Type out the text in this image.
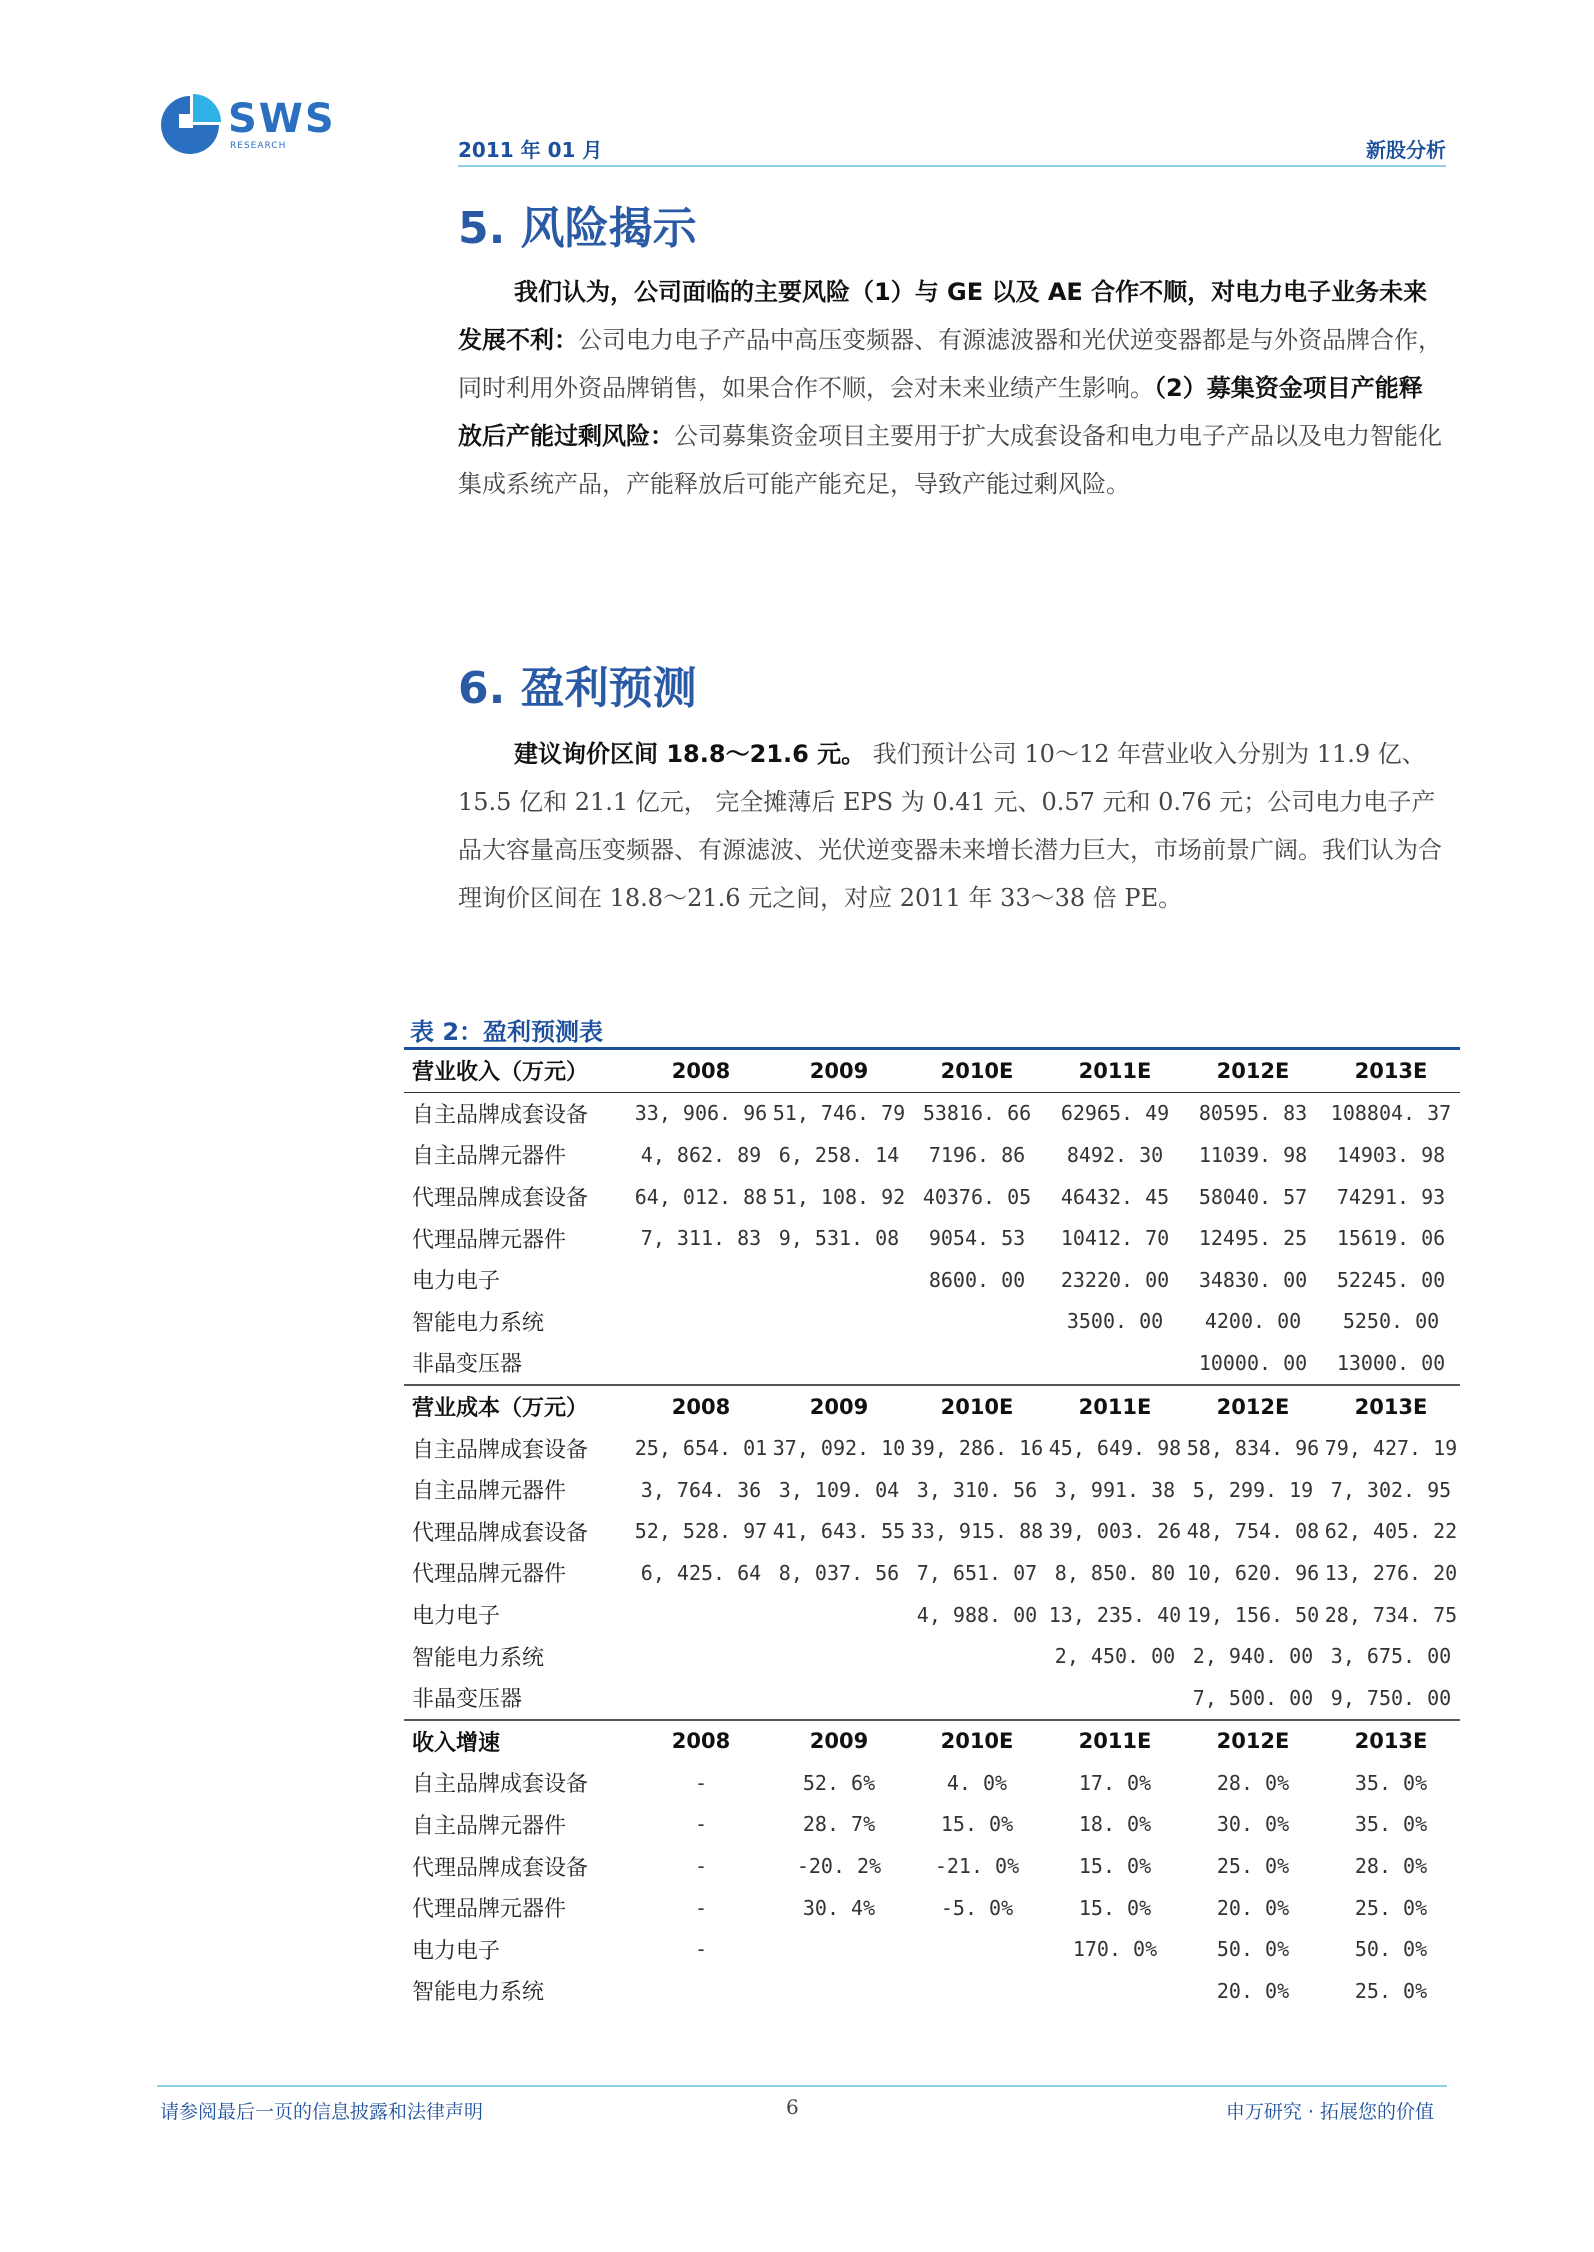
SWS
RESEARCH	2011 年 01 月	新股分析
5. 风险揭示

我们认为，公司面临的主要风险（1）与 GE 以及 AE 合作不顺，对电力电子业务未来发展不利：公司电力电子产品中高压变频器、有源滤波器和光伏逆变器都是与外资品牌合作，同时利用外资品牌销售，如果合作不顺，会对未来业绩产生影响。（2）募集资金项目产能释放后产能过剩风险：公司募集资金项目主要用于扩大成套设备和电力电子产品以及电力智能化集成系统产品，产能释放后可能产能充足，导致产能过剩风险。

6. 盈利预测

建议询价区间 18.8～21.6 元。 我们预计公司 10～12 年营业收入分别为 11.9 亿、15.5 亿和 21.1 亿元， 完全摊薄后 EPS 为 0.41 元、0.57 元和 0.76 元；公司电力电子产品大容量高压变频器、有源滤波、光伏逆变器未来增长潜力巨大，市场前景广阔。我们认为合理询价区间在 18.8～21.6 元之间，对应 2011 年 33～38 倍 PE。

表 2：盈利预测表
营业收入（万元）	2008	2009	2010E	2011E	2012E	2013E
自主品牌成套设备	33, 906. 96	51, 746. 79	53816. 66	62965. 49	80595. 83	108804. 37
自主品牌元器件	4, 862. 89	6, 258. 14	7196. 86	8492. 30	11039. 98	14903. 98
代理品牌成套设备	64, 012. 88	51, 108. 92	40376. 05	46432. 45	58040. 57	74291. 93
代理品牌元器件	7, 311. 83	9, 531. 08	9054. 53	10412. 70	12495. 25	15619. 06
电力电子			8600. 00	23220. 00	34830. 00	52245. 00
智能电力系统				3500. 00	4200. 00	5250. 00
非晶变压器					10000. 00	13000. 00
营业成本（万元）	2008	2009	2010E	2011E	2012E	2013E
自主品牌成套设备	25, 654. 01	37, 092. 10	39, 286. 16	45, 649. 98	58, 834. 96	79, 427. 19
自主品牌元器件	3, 764. 36	3, 109. 04	3, 310. 56	3, 991. 38	5, 299. 19	7, 302. 95
代理品牌成套设备	52, 528. 97	41, 643. 55	33, 915. 88	39, 003. 26	48, 754. 08	62, 405. 22
代理品牌元器件	6, 425. 64	8, 037. 56	7, 651. 07	8, 850. 80	10, 620. 96	13, 276. 20
电力电子			4, 988. 00	13, 235. 40	19, 156. 50	28, 734. 75
智能电力系统				2, 450. 00	2, 940. 00	3, 675. 00
非晶变压器					7, 500. 00	9, 750. 00
收入增速	2008	2009	2010E	2011E	2012E	2013E
自主品牌成套设备	-	52. 6%	4. 0%	17. 0%	28. 0%	35. 0%
自主品牌元器件	-	28. 7%	15. 0%	18. 0%	30. 0%	35. 0%
代理品牌成套设备	-	-20. 2%	-21. 0%	15. 0%	25. 0%	28. 0%
代理品牌元器件	-	30. 4%	-5. 0%	15. 0%	20. 0%	25. 0%
电力电子	-			170. 0%	50. 0%	50. 0%
智能电力系统					20. 0%	25. 0%
请参阅最后一页的信息披露和法律声明	6	申万研究 · 拓展您的价值
